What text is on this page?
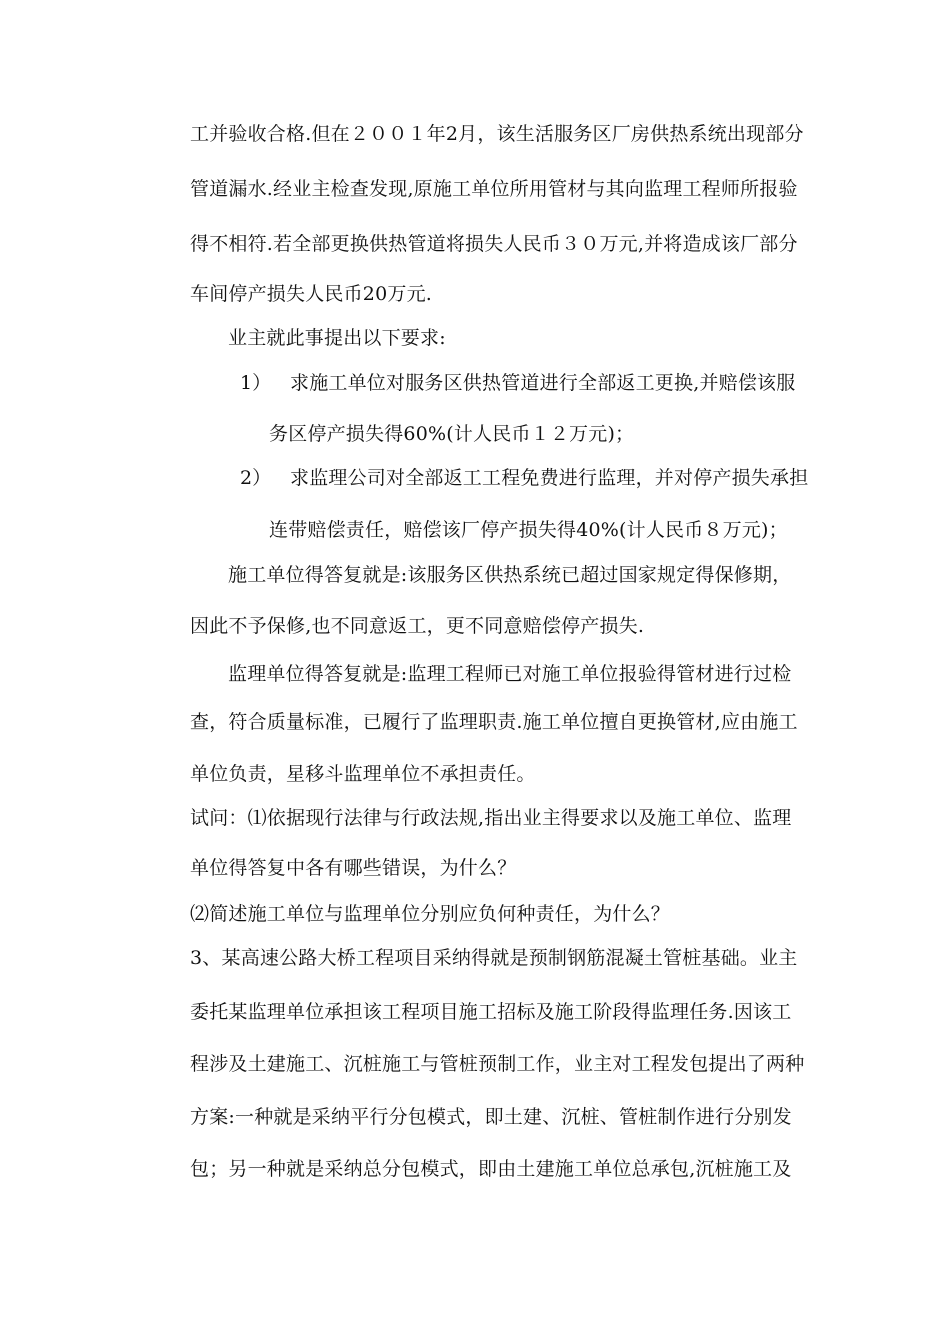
工并验收合格.但在２００１年2月，该生活服务区厂房供热系统出现部分
管道漏水.经业主检查发现,原施工单位所用管材与其向监理工程师所报验
得不相符.若全部更换供热管道将损失人民币３０万元,并将造成该厂部分
车间停产损失人民币20万元.
业主就此事提出以下要求:
1） 求施工单位对服务区供热管道进行全部返工更换,并赔偿该服
务区停产损失得60%(计人民币１２万元)；
2） 求监理公司对全部返工工程免费进行监理，并对停产损失承担
连带赔偿责任，赔偿该厂停产损失得40%(计人民币８万元)；
施工单位得答复就是:该服务区供热系统已超过国家规定得保修期，
因此不予保修,也不同意返工，更不同意赔偿停产损失.
监理单位得答复就是:监理工程师已对施工单位报验得管材进行过检
查，符合质量标准，已履行了监理职责.施工单位擅自更换管材,应由施工
单位负责，星移斗监理单位不承担责任。
试问：⑴依据现行法律与行政法规,指出业主得要求以及施工单位、监理
单位得答复中各有哪些错误，为什么？
⑵简述施工单位与监理单位分别应负何种责任，为什么？
3、某高速公路大桥工程项目采纳得就是预制钢筋混凝土管桩基础。业主
委托某监理单位承担该工程项目施工招标及施工阶段得监理任务.因该工
程涉及土建施工、沉桩施工与管桩预制工作，业主对工程发包提出了两种
方案:一种就是采纳平行分包模式，即土建、沉桩、管桩制作进行分别发
包；另一种就是采纳总分包模式，即由土建施工单位总承包,沉桩施工及
